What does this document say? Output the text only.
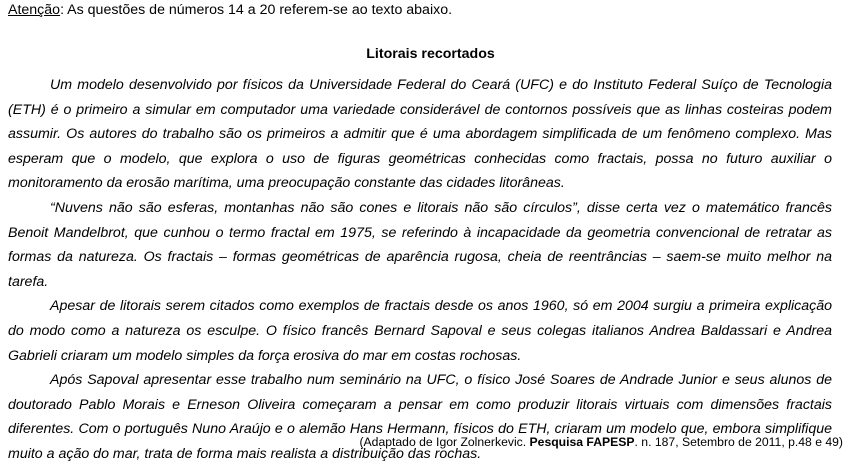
Atenção: As questões de números 14 a 20 referem-se ao texto abaixo.
Litorais recortados

Um modelo desenvolvido por físicos da Universidade Federal do Ceará (UFC) e do Instituto Federal Suíço de Tecnologia (ETH) é o primeiro a simular em computador uma variedade considerável de contornos possíveis que as linhas costeiras podem assumir. Os autores do trabalho são os primeiros a admitir que é uma abordagem simplificada de um fenômeno complexo. Mas esperam que o modelo, que explora o uso de figuras geométricas conhecidas como fractais, possa no futuro auxiliar o monitoramento da erosão marítima, uma preocupação constante das cidades litorâneas.

“Nuvens não são esferas, montanhas não são cones e litorais não são círculos”, disse certa vez o matemático francês Benoit Mandelbrot, que cunhou o termo fractal em 1975, se referindo à incapacidade da geometria convencional de retratar as formas da natureza. Os fractais – formas geométricas de aparência rugosa, cheia de reentrâncias – saem-se muito melhor na tarefa.

Apesar de litorais serem citados como exemplos de fractais desde os anos 1960, só em 2004 surgiu a primeira explicação do modo como a natureza os esculpe. O físico francês Bernard Sapoval e seus colegas italianos Andrea Baldassari e Andrea Gabrieli criaram um modelo simples da força erosiva do mar em costas rochosas.

Após Sapoval apresentar esse trabalho num seminário na UFC, o físico José Soares de Andrade Junior e seus alunos de doutorado Pablo Morais e Erneson Oliveira começaram a pensar em como produzir litorais virtuais com dimensões fractais diferentes. Com o português Nuno Araújo e o alemão Hans Hermann, físicos do ETH, criaram um modelo que, embora simplifique muito a ação do mar, trata de forma mais realista a distribuição das rochas.

(Adaptado de Igor Zolnerkevic. Pesquisa FAPESP. n. 187, Setembro de 2011, p.48 e 49)
